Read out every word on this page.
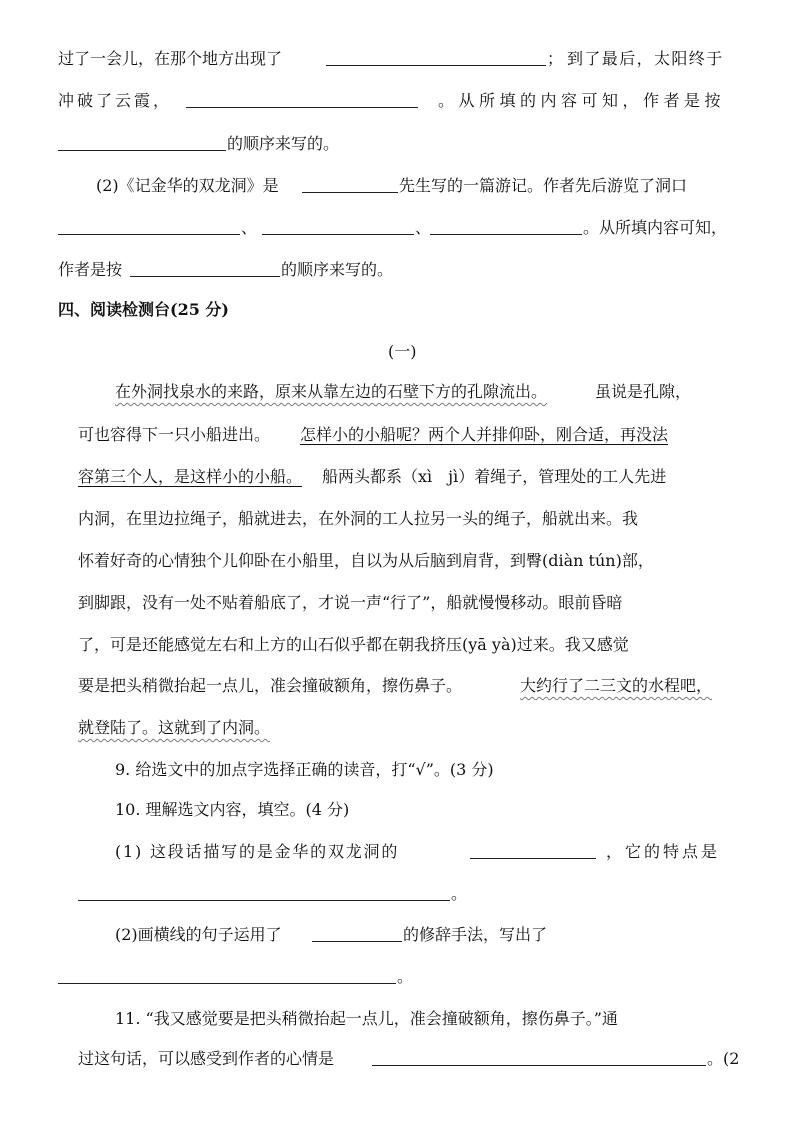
过了一会儿，在那个地方出现了	； 到了最后，太阳终于
冲破了云霞，	。从所填的内容可知，作者是按
的顺序来写的。
(2)《记金华的双龙洞》是	先生写的一篇游记。作者先后游览了洞口
、	、	。从所填内容可知，
作者是按	的顺序来写的。
四、阅读检测台(25 分)
(一)
在外洞找泉水的来路，原来从靠左边的石壁下方的孔隙流出。	虽说是孔隙，
可也容得下一只小船进出。 怎样小的小船呢？两个人并排仰卧，刚合适，再没法
容第三个人，是这样小的小船。 船两头都系（xì　jì）着绳子，管理处的工人先进
内洞，在里边拉绳子，船就进去，在外洞的工人拉另一头的绳子，船就出来。我
怀着好奇的心情独个儿仰卧在小船里，自以为从后脑到肩背，到臀(diàn tún)部，
到脚跟，没有一处不贴着船底了，才说一声“行了”，船就慢慢移动。眼前昏暗
了，可是还能感觉左右和上方的山石似乎都在朝我挤压(yā yà)过来。我又感觉
要是把头稍微抬起一点儿，准会撞破额角，擦伤鼻子。	大约行了二三文的水程吧，
就登陆了。这就到了内洞。
9. 给选文中的加点字选择正确的读音，打“√”。(3 分)
10. 理解选文内容，填空。(4 分)
(1) 这段话描写的是金华的双龙洞的	，它的特点是
。
(2)画横线的句子运用了	的修辞手法，写出了
。
11. “我又感觉要是把头稍微抬起一点儿，准会撞破额角，擦伤鼻子。”通
过这句话，可以感受到作者的心情是	。(2
